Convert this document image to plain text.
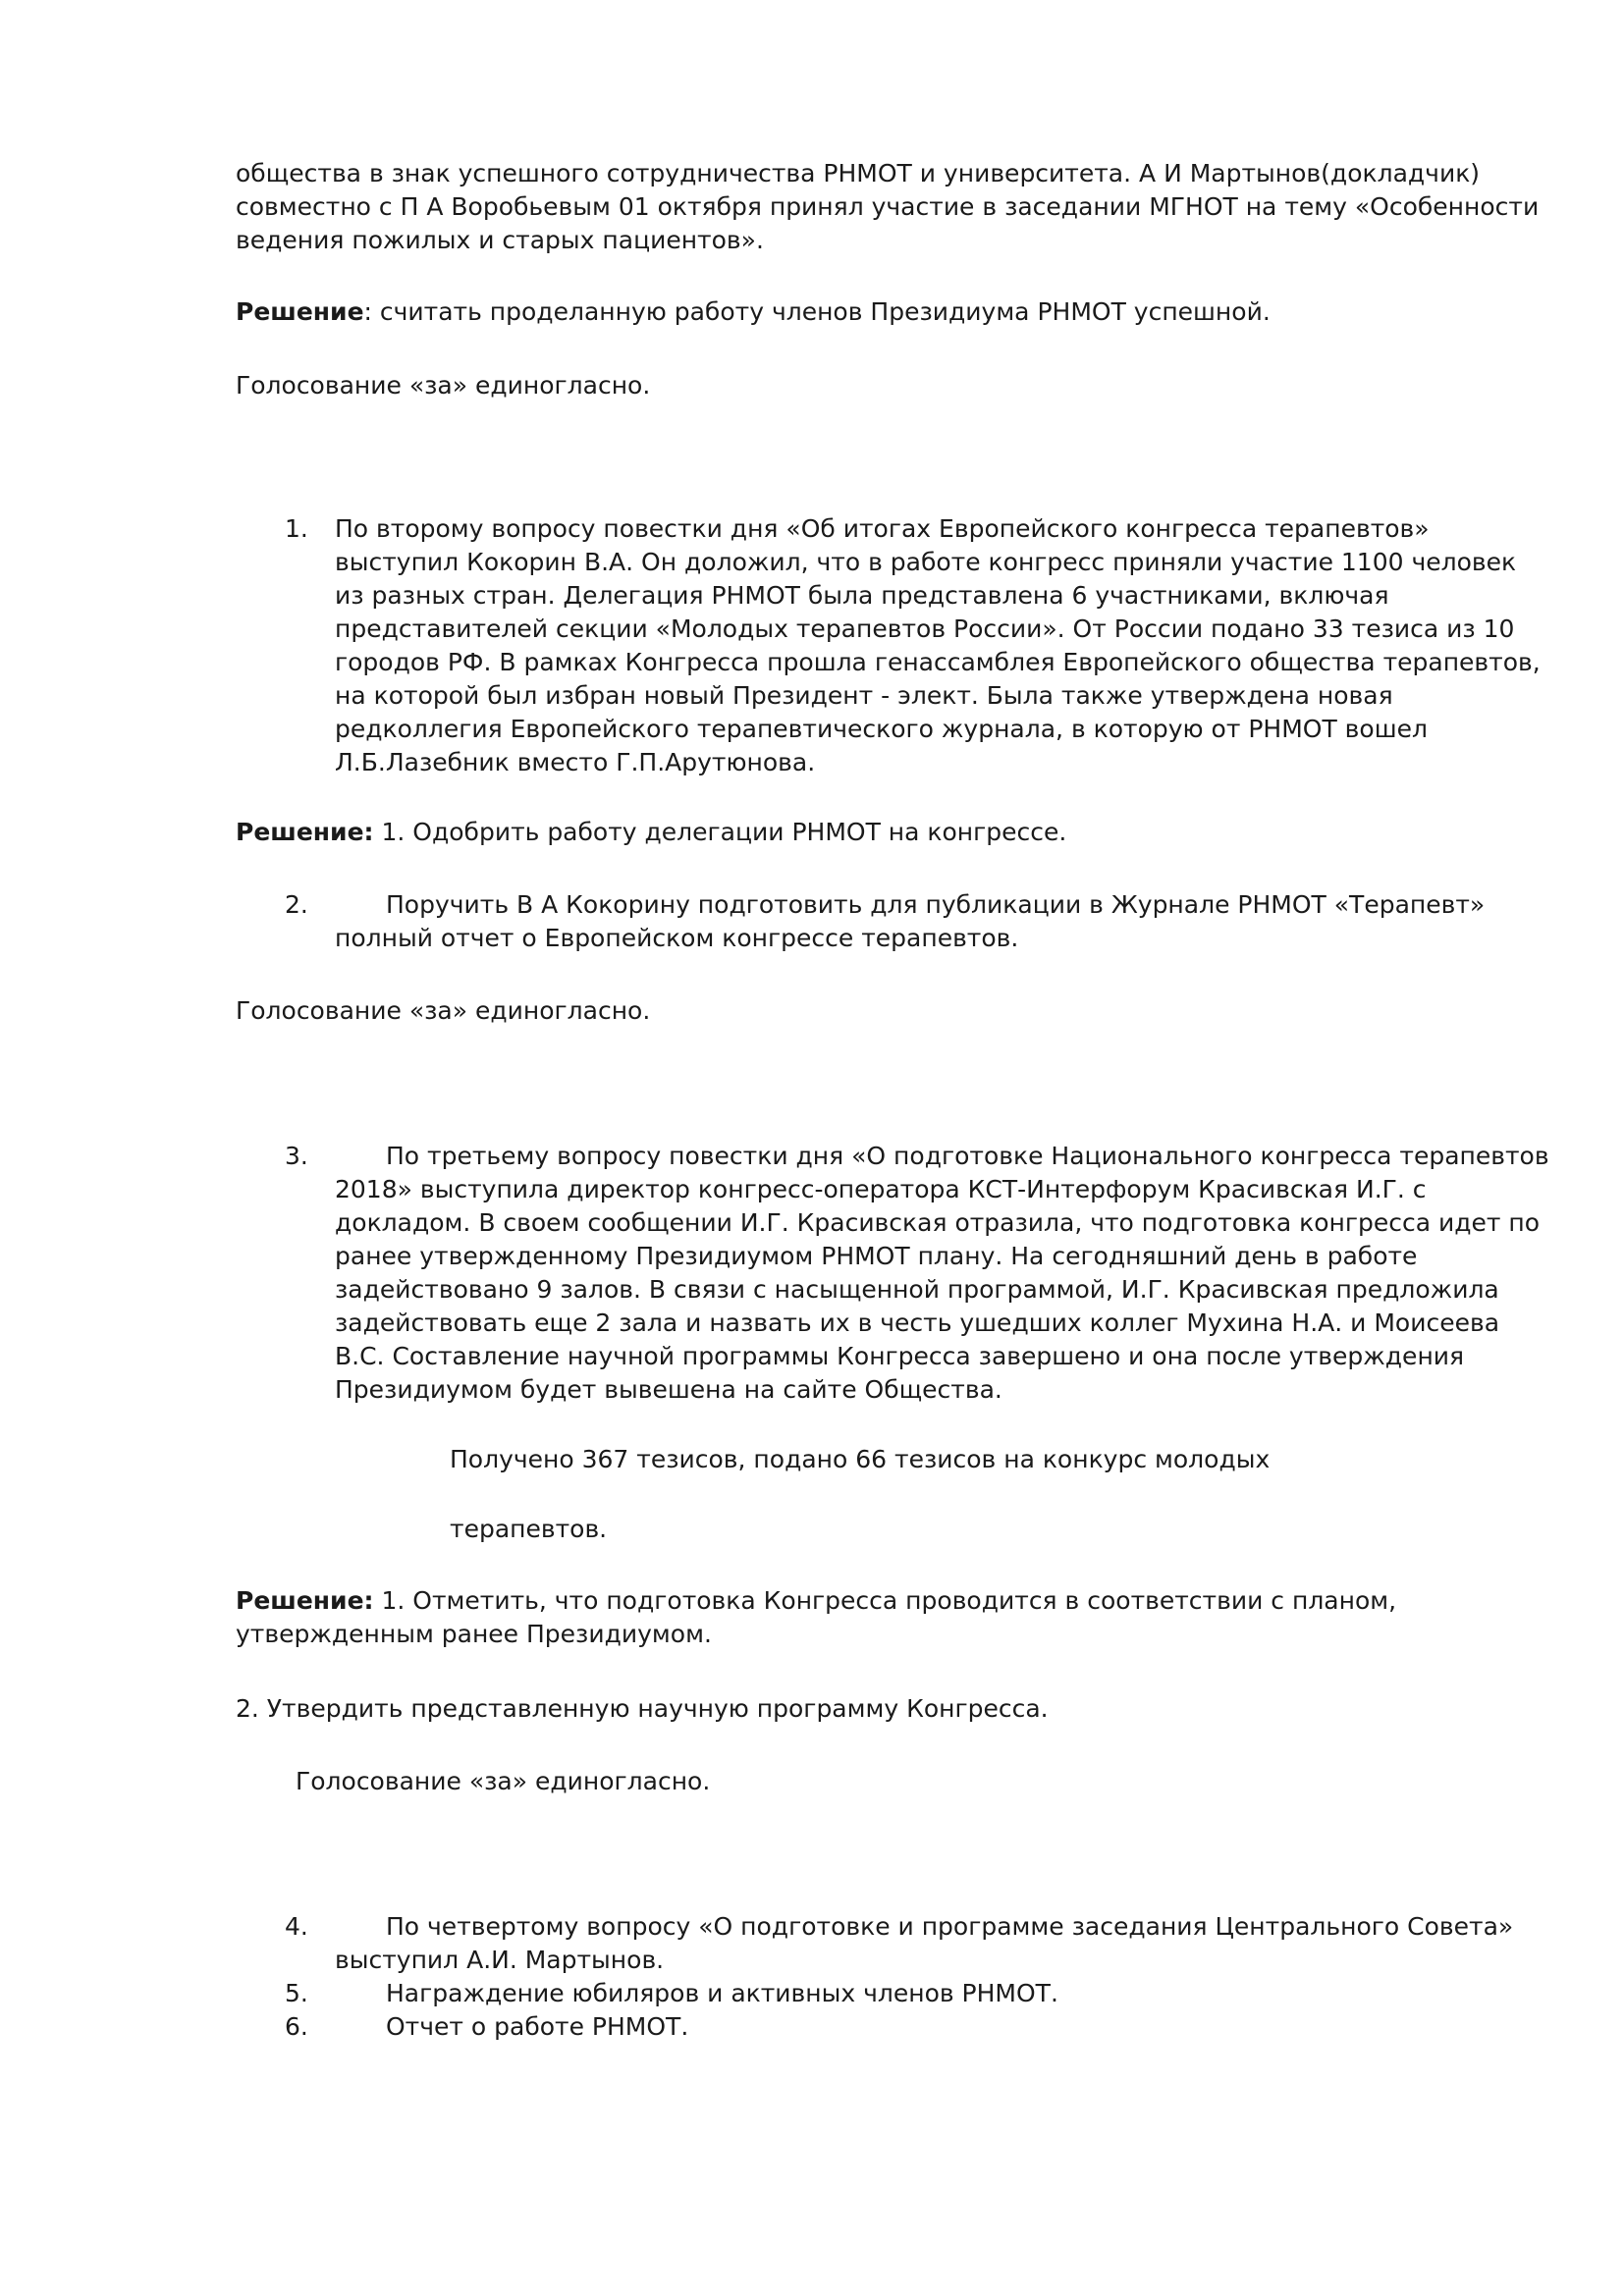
общества в знак успешного сотрудничества РНМОТ и университета. А И Мартынов(докладчик)
совместно с П А Воробьевым 01 октября принял участие в заседании МГНОТ на тему «Особенности
ведения пожилых и старых пациентов».

Решение: считать проделанную работу членов Президиума РНМОТ успешной.

Голосование «за» единогласно.

1. По второму вопросу повестки дня «Об итогах Европейского конгресса терапевтов»
выступил Кокорин В.А. Он доложил, что в работе конгресс приняли участие 1100 человек
из разных стран. Делегация РНМОТ была представлена 6 участниками, включая
представителей секции «Молодых терапевтов России». От России подано 33 тезиса из 10
городов РФ. В рамках Конгресса прошла генассамблея Европейского общества терапевтов,
на которой был избран новый Президент - элект. Была также утверждена новая
редколлегия Европейского терапевтического журнала, в которую от РНМОТ вошел
Л.Б.Лазебник вместо Г.П.Арутюнова.

Решение: 1. Одобрить работу делегации РНМОТ на конгрессе.

2.	Поручить В А Кокорину подготовить для публикации в Журнале РНМОТ «Терапевт»
полный отчет о Европейском конгрессе терапевтов.

Голосование «за» единогласно.

3.	По третьему вопросу повестки дня «О подготовке Национального конгресса терапевтов
2018» выступила директор конгресс-оператора КСТ-Интерфорум Красивская И.Г. с
докладом. В своем сообщении И.Г. Красивская отразила, что подготовка конгресса идет по
ранее утвержденному Президиумом РНМОТ плану. На сегодняшний день в работе
задействовано 9 залов. В связи с насыщенной программой, И.Г. Красивская предложила
задействовать еще 2 зала и назвать их в честь ушедших коллег Мухина Н.А. и Моисеева
В.С. Составление научной программы Конгресса завершено и она после утверждения
Президиумом будет вывешена на сайте Общества.

Получено 367 тезисов, подано 66 тезисов на конкурс молодых

терапевтов.

Решение: 1. Отметить, что подготовка Конгресса проводится в соответствии с планом,
утвержденным ранее Президиумом.

2. Утвердить представленную научную программу Конгресса.

Голосование «за» единогласно.

4.	По четвертому вопросу «О подготовке и программе заседания Центрального Совета»
выступил А.И. Мартынов.

5.	Награждение юбиляров и активных членов РНМОТ.

6.	Отчет о работе РНМОТ.
